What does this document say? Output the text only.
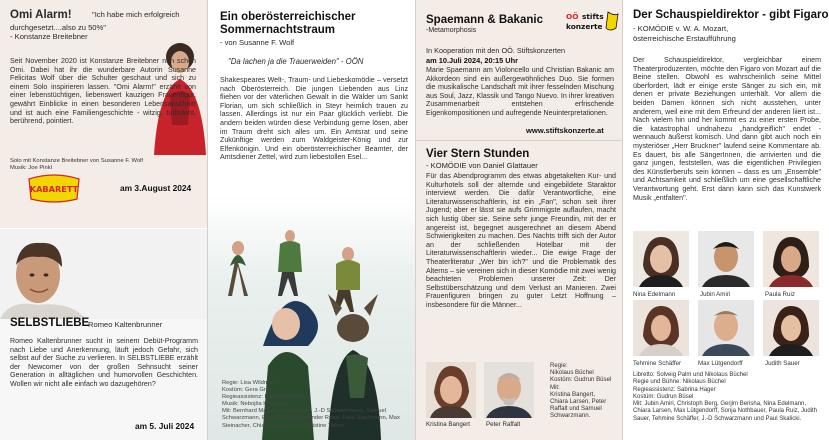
Omi Alarm!	"Ich habe mich erfolgreich
durchgesetzt....also zu 50%"
- Konstanze Breitebner
Seit November 2020 ist Konstanze Breitebner nun schon Omi. Dabei hat ihr die wunderbare Autorin Susanne Felicitas Wolf über die Schulter geschaut und sich zu einem Solo inspirieren lassen. "Omi Alarm!" erzählt von einer lebenstüchtigen, liebenswert kauzigen Frauenfigur, gewährt Einblicke in einen besonderen Lebensabschnitt und ist auch eine Familiengeschichte - witzig, turbulent, berührend, pointiert.
Solo mit Konstanze Breitebner von Susanne F. Wolf
Musik: Joe Pinkl
KABARETT	am 3.August 2024
SELBSTLIEBE
Romeo Kaltenbrunner
Romeo Kaltenbrunner sucht in seinem Debüt-Programm nach Liebe und Anerkennung, läuft jedoch Gefahr, sich selbst auf der Suche zu verlieren. In SELBSTLIEBE erzählt der Newcomer von der großen Sehnsucht seiner Generation in alltäglichen und humorvollen Geschichten. Wollen wir nicht alle einfach wo dazugehören?
am 5. Juli 2024
Ein oberösterreichischer
Sommernachtstraum
- von Susanne F. Wolf
"Da lachen ja die Trauerweiden" - OÖN
Shakespeares Welt-, Traum- und Liebeskomödie – versetzt nach Oberösterreich. Die jungen Liebenden aus Linz fliehen vor der väterlichen Gewalt in die Wälder um Sankt Florian, um sich schließlich in Steyr heimlich trauen zu lassen. Allerdings ist nur ein Paar glücklich verliebt. Die andern beiden würden diese Verbindung gerne lösen, aber im Traum dreht sich alles um. Ein Amtsrat und seine Zukünftige werden zum Waldgeister-König und zur Elfenkönigin. Und ein oberösterreichischer Beamter, der Amtsdiener Zettel, wird zum liebestollen Esel...
Regie: Lisa Wildmann
Kostüm: Gera Graf
Regieassistenz: Magdalena Ragl
Musik: Nebojša Krulanović
Mit: Bernhard Majcen, Lisa Furtner, J.-D Schwarzmann, Samuel Schwarzmann, Elena Nickel, Alexander Rossi, Felix Stachmann, Max Steinacher, Chiara Larsen, und Christine Teilers
Spaemann & Bakanic
-Metamorphosis
OÖ stifts
konzerte
In Kooperation mit den OÖ. Stiftskonzerten
am 10.Juli 2024, 20:15 Uhr
Marie Spaemann am Violoncello und Christian Bakanic am Akkordeon sind ein außergewöhnliches Duo. Sie formen die musikalische Landschaft mit ihrer fesselnden Mischung aus Soul, Jazz, Klassik und Tango Nuevo. In ihrer kreativen Zusammenarbeit entstehen erfrischende Eigenkompositionen und aufregende Neuinterpretationen.
www.stiftskonzerte.at
Vier Stern Stunden
- KOMÖDIE von Daniel Glattauer
Für das Abendprogramm des etwas abgetakelten Kur- und Kulturhotels soll der alternde und eingebildete Staraktor interviewt werden. Die dafür Verantwortliche, eine Literaturwissenschaftlerin, ist ein „Fan", schon seit ihrer Jugend; aber er lässt sie aufs Grimmigste auflaufen, macht sich lustig über sie. Seine sehr junge Freundin, mit der er angereist ist, begegnet ausgerechnet an diesem Abend Schwierigkeiten zu machen. Des Nachts trifft sich der Autor an der schließenden Hotelbar mit der Literaturwissenschaftlerin wieder... Die ewige Frage der Theaterliteratur „Wer bin ich?" und die Problematik des Alterns – sie vereinen sich in dieser Komödie mit zwei wenig beachteten Problemen unserer Zeit: Der Selbstüberschätzung und dem Verlust an Manieren. Zwei Frauenfiguren bringen zu guter Letzt Hoffnung – insbesondere für die Männer...
Kristina Bangert	Peter Raffalt
Regie:
Nikolaus Büchel
Kostüm: Gudrun Büsel
Mit:
Kristina Bangert,
Chiara Larsen, Peter
Raffalt und Samuel
Schwarzmann.
Der Schauspieldirektor - gibt Figaro
- KOMÖDIE v. W. A. Mozart,
österreichische Erstaufführung
Der Schauspieldirektor, vergleichbar einem Theaterproduzenten, möchte den Figaro von Mozart auf die Beine stellen. Obwohl es wahrscheinlich seine Mittel überfordert, lädt er einige erste Sänger zu sich ein, mit denen er private Beziehungen unterhält. Vor allem die beiden Damen können sich nicht ausstehen, unter anderem, weil eine mit dem Erfreund der anderen liiert ist... Nach vielem hin und her kommt es zu einer ersten Probe, die katastrophal undnahezu „handgreiflich" endet - wennauch äußerst komisch. Und dann gibt auch noch ein mysteriöser „Herr Bruckner" laufend seine Kommentare ab. Es dauert, bis alle SängerInnen, die arrivierten und die ganz jungen, feststellen, was die eigentlichen Privilegien des Künstlerberufs sein können – dass es um „Ensemble" und Achtsamkeit und schließlich um eine gesellschaftliche Verantwortung geht. Erst dann kann sich das Kunstwerk Musik „entfalten".
Nina Edelmann	Jubin Amiri	Paula Ruiz
Tehmine Schäffer	Max Lütgendorff	Judith Sauer
Libretto: Solveig Palm und Nikolaus Büchel
Regie und Bühne: Nikolaus Büchel
Regieassistenz: Sabrina Hager
Kostüm: Gudrun Büsel
Mit: Jubin Amiri, Christoph Berg, Gerjim Berisha, Nina Edelmann, Chiara Larsen, Max Lütgendorff, Sonja Nothbauer, Paula Ruiz, Judith Sauer, Tehmine Schäffer, J.-D Schwarzmann und Paul Skalicki.
